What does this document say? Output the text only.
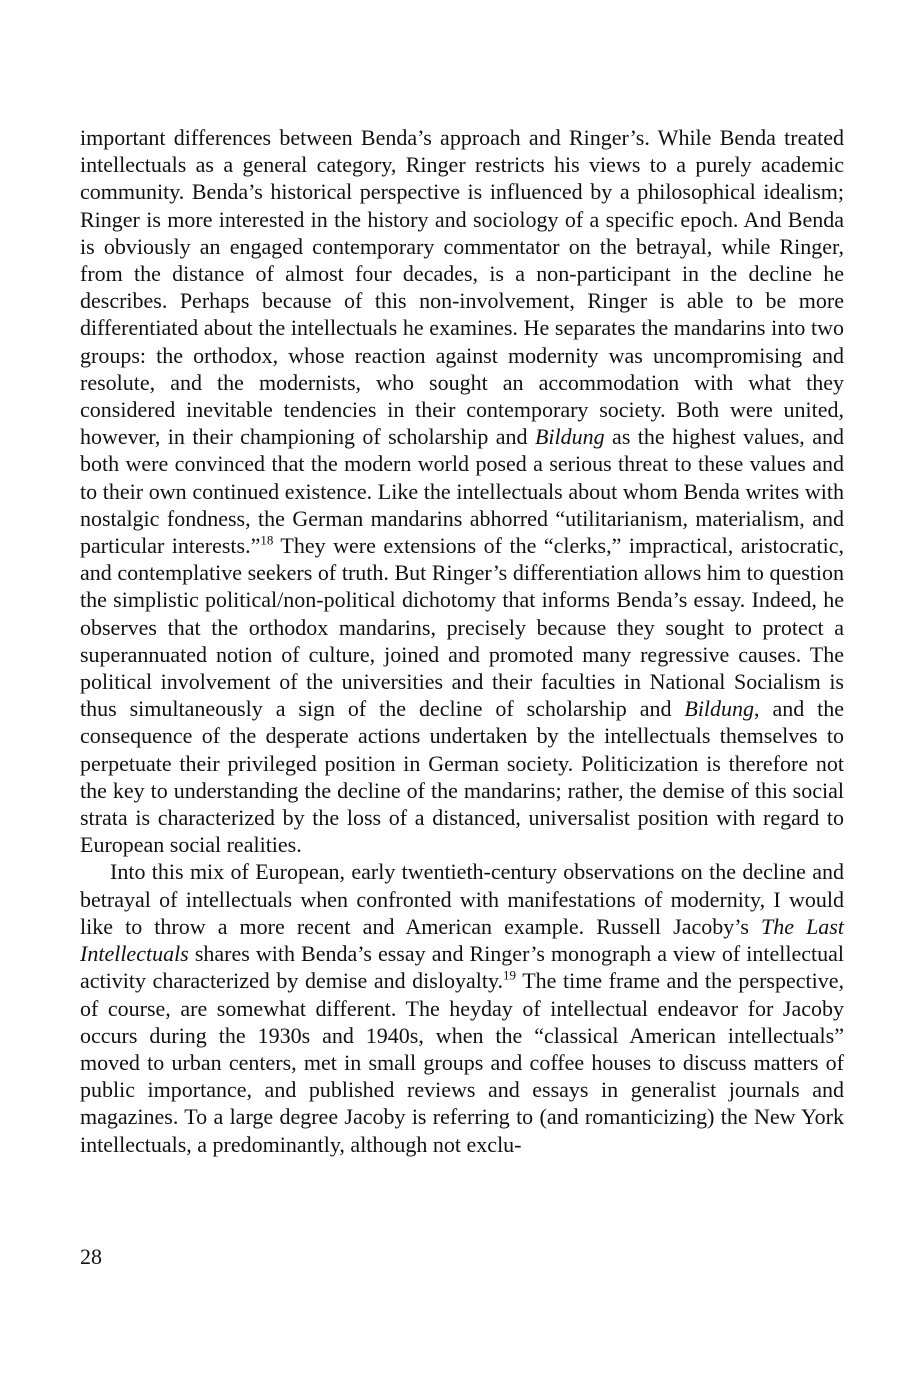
important differences between Benda’s approach and Ringer’s. While Benda treated intellectuals as a general category, Ringer restricts his views to a purely academic community. Benda’s historical perspective is influenced by a philosophical idealism; Ringer is more interested in the history and sociology of a specific epoch. And Benda is obviously an engaged contemporary commentator on the betrayal, while Ringer, from the distance of almost four decades, is a non-participant in the decline he describes. Perhaps because of this non-involvement, Ringer is able to be more differentiated about the intellectuals he examines. He separates the mandarins into two groups: the orthodox, whose reaction against modernity was uncompromising and resolute, and the modernists, who sought an accommodation with what they considered inevitable tendencies in their contemporary society. Both were united, however, in their championing of scholarship and Bildung as the highest values, and both were convinced that the modern world posed a serious threat to these values and to their own continued existence. Like the intellectuals about whom Benda writes with nostalgic fondness, the German mandarins abhorred “utilitarianism, materialism, and particular interests.”$^{18}$ They were extensions of the “clerks,” impractical, aristocratic, and contemplative seekers of truth. But Ringer’s differentiation allows him to question the simplistic political/non-political dichotomy that informs Benda’s essay. Indeed, he observes that the orthodox mandarins, precisely because they sought to protect a superannuated notion of culture, joined and promoted many regressive causes. The political involvement of the universities and their faculties in National Socialism is thus simultaneously a sign of the decline of scholarship and Bildung, and the consequence of the desperate actions undertaken by the intellectuals themselves to perpetuate their privileged position in German society. Politicization is therefore not the key to understanding the decline of the mandarins; rather, the demise of this social strata is characterized by the loss of a distanced, universalist position with regard to European social realities.

Into this mix of European, early twentieth-century observations on the decline and betrayal of intellectuals when confronted with manifestations of modernity, I would like to throw a more recent and American example. Russell Jacoby’s The Last Intellectuals shares with Benda’s essay and Ringer’s monograph a view of intellectual activity characterized by demise and disloyalty.$^{19}$ The time frame and the perspective, of course, are somewhat different. The heyday of intellectual endeavor for Jacoby occurs during the 1930s and 1940s, when the “classical American intellectuals” moved to urban centers, met in small groups and coffee houses to discuss matters of public importance, and published reviews and essays in generalist journals and magazines. To a large degree Jacoby is referring to (and romanticizing) the New York intellectuals, a predominantly, although not exclu-

28
